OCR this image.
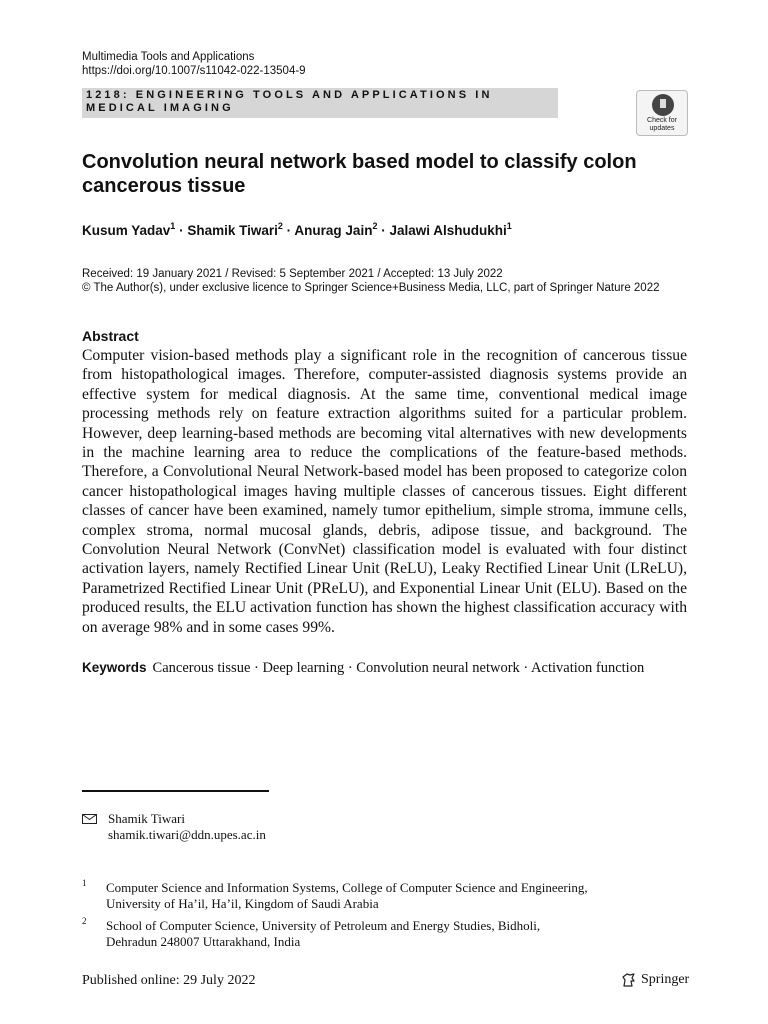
Multimedia Tools and Applications
https://doi.org/10.1007/s11042-022-13504-9
1218: ENGINEERING TOOLS AND APPLICATIONS IN MEDICAL IMAGING
Check for
updates
Convolution neural network based model to classify colon cancerous tissue
Kusum Yadav$^1$ · Shamik Tiwari$^2$ · Anurag Jain$^2$ · Jalawi Alshudukhi$^1$
Received: 19 January 2021 / Revised: 5 September 2021 / Accepted: 13 July 2022
© The Author(s), under exclusive licence to Springer Science+Business Media, LLC, part of Springer Nature 2022
Abstract
Computer vision-based methods play a significant role in the recognition of cancerous tissue from histopathological images. Therefore, computer-assisted diagnosis systems provide an effective system for medical diagnosis. At the same time, conventional medical image processing methods rely on feature extraction algorithms suited for a particular problem. However, deep learning-based methods are becoming vital alternatives with new developments in the machine learning area to reduce the complications of the feature-based methods. Therefore, a Convolutional Neural Network-based model has been proposed to categorize colon cancer histopathological images having multiple classes of cancerous tissues. Eight different classes of cancer have been examined, namely tumor epithelium, simple stroma, immune cells, complex stroma, normal mucosal glands, debris, adipose tissue, and background. The Convolution Neural Network (ConvNet) classification model is evaluated with four distinct activation layers, namely Rectified Linear Unit (ReLU), Leaky Rectified Linear Unit (LReLU), Parametrized Rectified Linear Unit (PReLU), and Exponential Linear Unit (ELU). Based on the produced results, the ELU activation function has shown the highest classification accuracy with on average 98% and in some cases 99%.
Keywords Cancerous tissue · Deep learning · Convolution neural network · Activation function
Shamik Tiwari
shamik.tiwari@ddn.upes.ac.in
1 Computer Science and Information Systems, College of Computer Science and Engineering,
University of Ha’il, Ha’il, Kingdom of Saudi Arabia
2 School of Computer Science, University of Petroleum and Energy Studies, Bidholi,
Dehradun 248007 Uttarakhand, India
Published online: 29 July 2022	Springer
